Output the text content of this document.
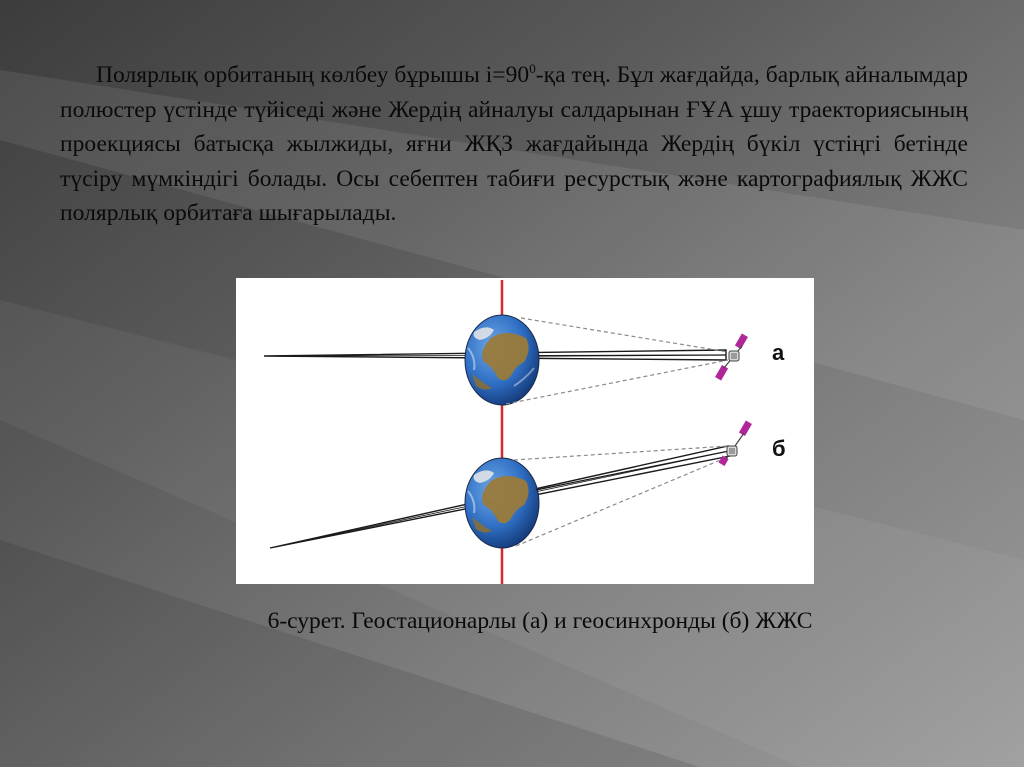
Полярлық орбитаның көлбеу бұрышы $i=90^0-қа$ тең. Бұл жағдайда, барлық айналымдар полюстер үстінде түйіседі және Жердің айналуы салдарынан ҒҰА ұшу траекториясының проекциясы батысқа жылжиды, яғни ЖҚЗ жағдайында Жердің бүкіл үстіңгі бетінде түсіру мүмкіндігі болады. Осы себептен табиғи ресурстық және картографиялық ЖЖС полярлық орбитаға шығарылады.

а
б

6-сурет. Геостационарлы (а) и геосинхронды (б) ЖЖС
